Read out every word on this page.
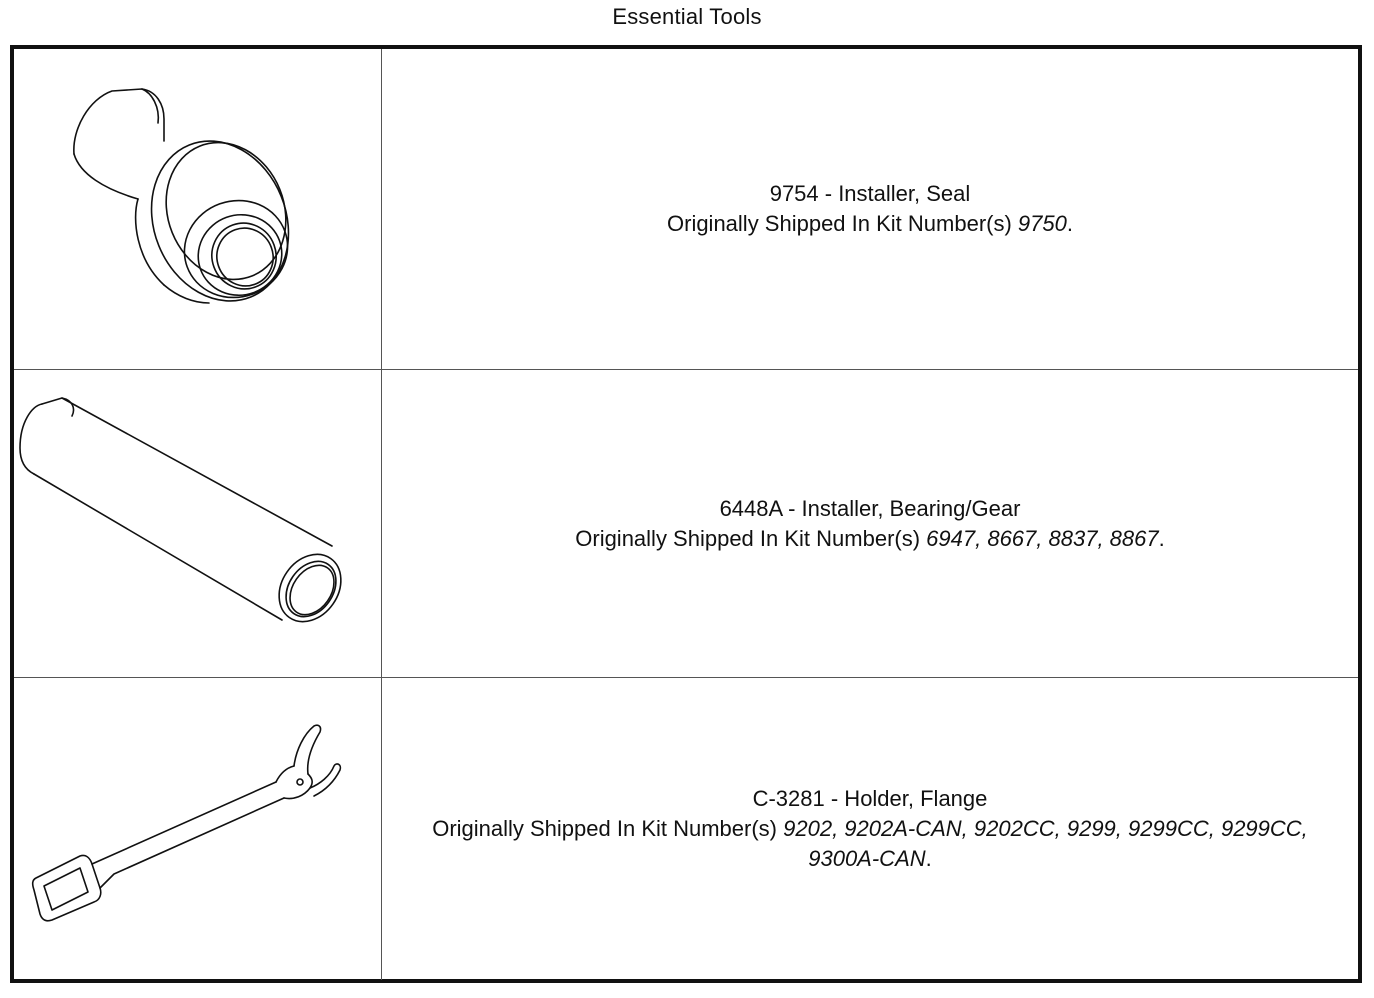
Essential Tools
9754 - Installer, Seal
Originally Shipped In Kit Number(s) 9750.
6448A - Installer, Bearing/Gear
Originally Shipped In Kit Number(s) 6947, 8667, 8837, 8867.
C-3281 - Holder, Flange
Originally Shipped In Kit Number(s) 9202, 9202A-CAN, 9202CC, 9299, 9299CC, 9299CC, 9300A-CAN.
